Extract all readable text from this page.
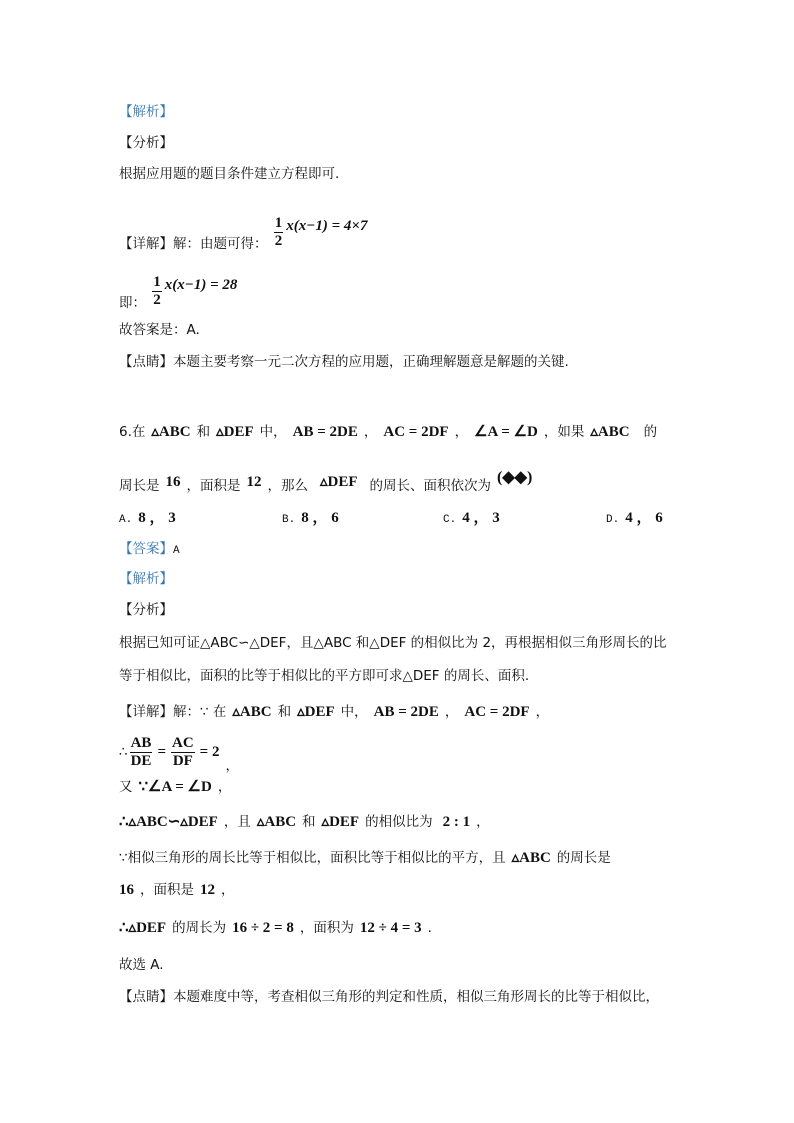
【解析】
【分析】
根据应用题的题目条件建立方程即可.
【详解】解：由题可得： $\frac{1}{2} x(x-1) = 4\times 7$
即： $\frac{1}{2} x(x-1) = 28$
故答案是：A.
【点睛】本题主要考察一元二次方程的应用题，正确理解题意是解题的关键.
6.在 ▵ABC 和 ▵DEF 中， AB = 2DE ， AC = 2DF ， ∠A = ∠D ，如果 ▵ABC 的
周长是 16 ，面积是 12 ，那么 ▵DEF 的周长、面积依次为 (◆◆)
A. 8 ， 3	B. 8 ， 6	C. 4 ， 3	D. 4 ， 6
【答案】A
【解析】
【分析】
根据已知可证△ABC∽△DEF，且△ABC 和△DEF 的相似比为 2，再根据相似三角形周长的比
等于相似比，面积的比等于相似比的平方即可求△DEF 的周长、面积.
【详解】解：∵ 在 ▵ABC 和 ▵DEF 中， AB = 2DE ， AC = 2DF ，
∴ $\frac{AB}{DE} = \frac{AC}{DF} = 2$，
又 ∵∠A = ∠D ，
∴▵ABC∽▵DEF ，且 ▵ABC 和 ▵DEF 的相似比为 2 : 1 ，
∵相似三角形的周长比等于相似比，面积比等于相似比的平方，且 ▵ABC 的周长是
16 ，面积是 12 ，
∴▵DEF 的周长为 16 ÷ 2 = 8 ，面积为 12 ÷ 4 = 3 .
故选 A.
【点睛】本题难度中等，考查相似三角形的判定和性质，相似三角形周长的比等于相似比，
